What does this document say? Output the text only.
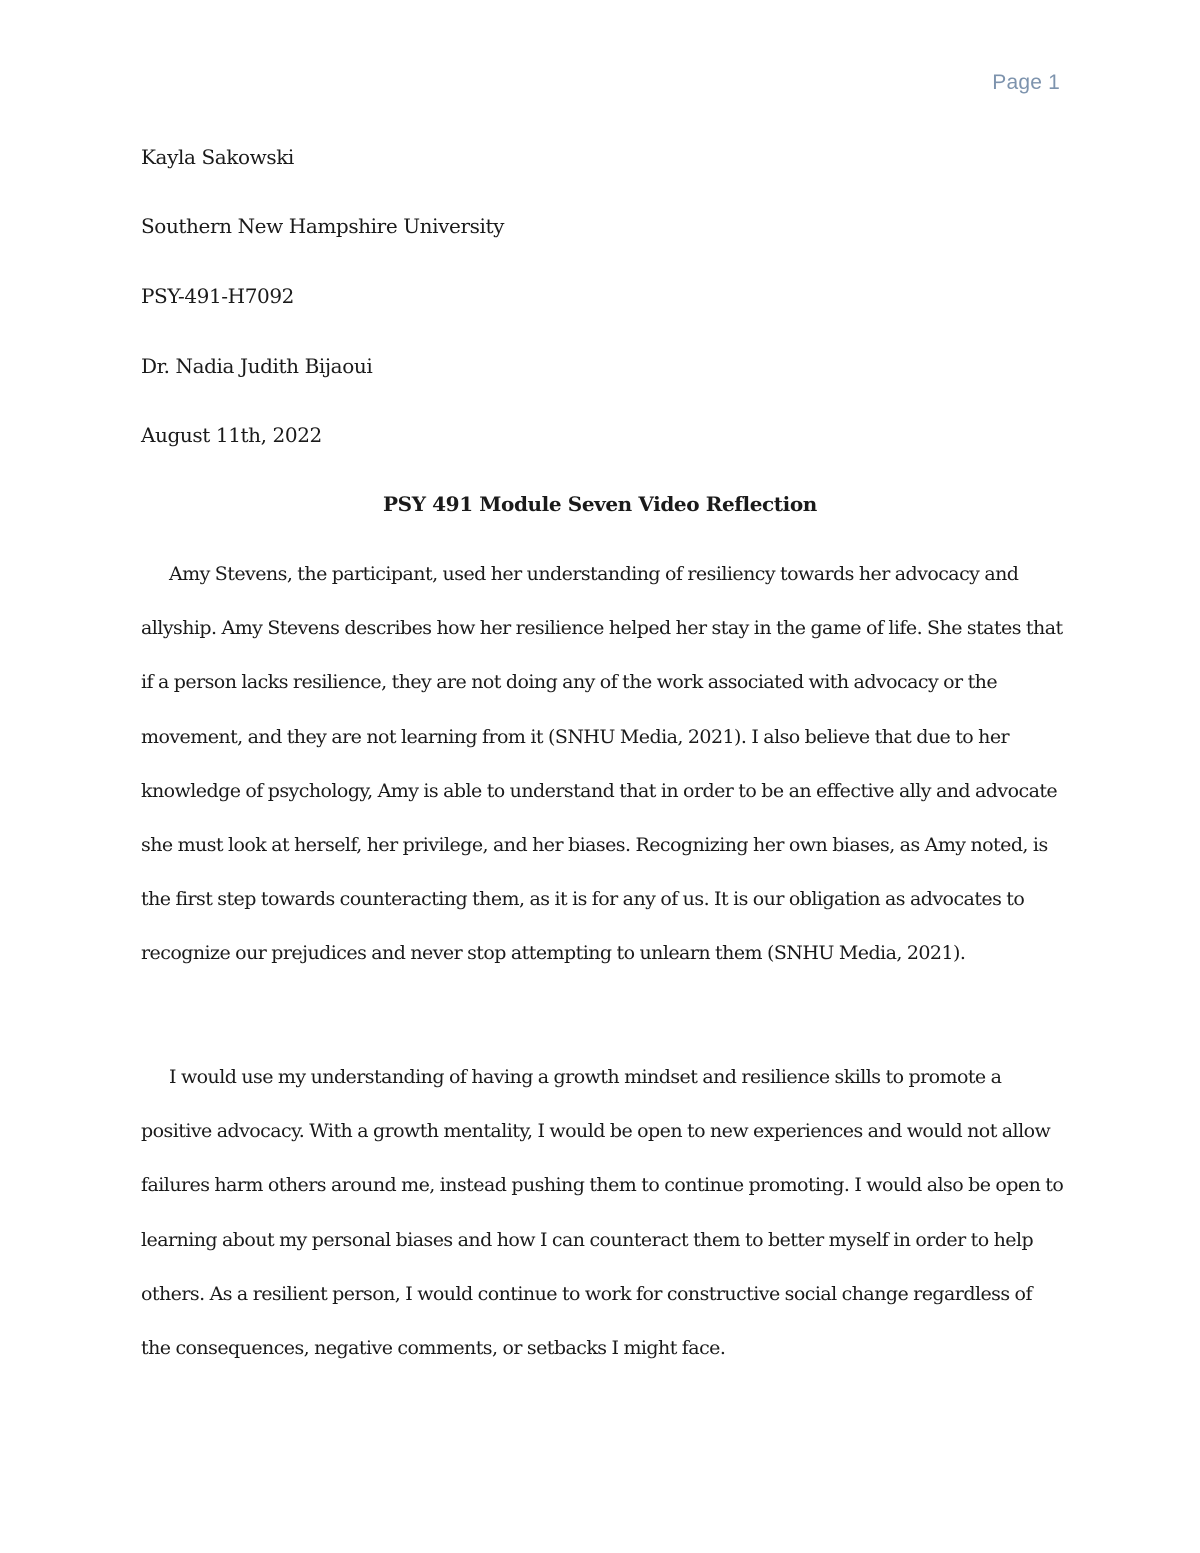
Page 1
Kayla Sakowski
Southern New Hampshire University
PSY-491-H7092
Dr. Nadia Judith Bijaoui
August 11th, 2022
PSY 491 Module Seven Video Reflection

Amy Stevens, the participant, used her understanding of resiliency towards her advocacy and allyship. Amy Stevens describes how her resilience helped her stay in the game of life. She states that if a person lacks resilience, they are not doing any of the work associated with advocacy or the movement, and they are not learning from it (SNHU Media, 2021). I also believe that due to her knowledge of psychology, Amy is able to understand that in order to be an effective ally and advocate she must look at herself, her privilege, and her biases. Recognizing her own biases, as Amy noted, is the first step towards counteracting them, as it is for any of us. It is our obligation as advocates to recognize our prejudices and never stop attempting to unlearn them (SNHU Media, 2021).

I would use my understanding of having a growth mindset and resilience skills to promote a positive advocacy. With a growth mentality, I would be open to new experiences and would not allow failures harm others around me, instead pushing them to continue promoting. I would also be open to learning about my personal biases and how I can counteract them to better myself in order to help others. As a resilient person, I would continue to work for constructive social change regardless of the consequences, negative comments, or setbacks I might face.
